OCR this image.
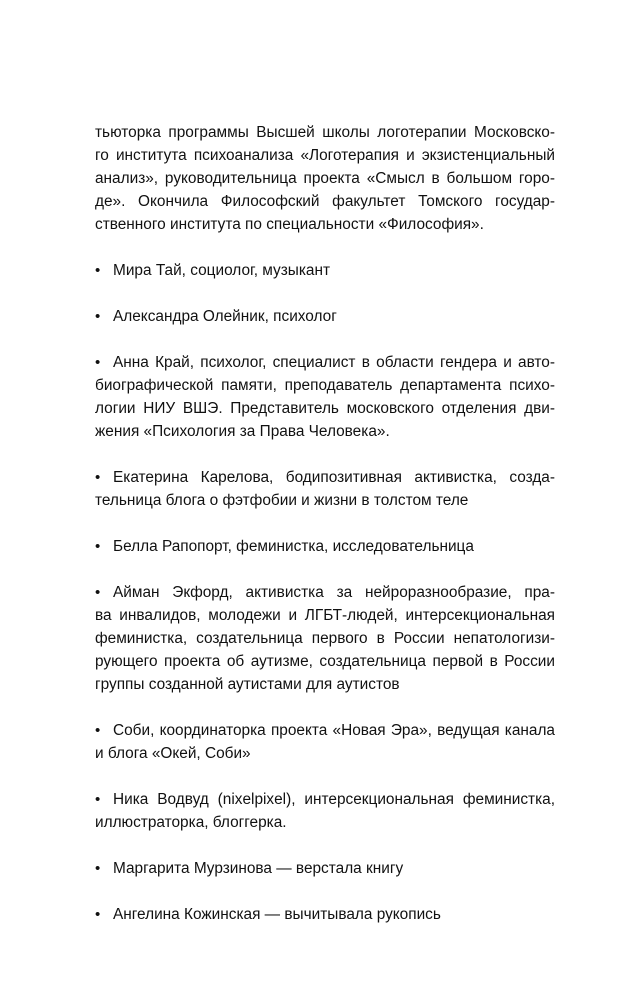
тьюторка программы Высшей школы логотерапии Московско-
го института психоанализа «Логотерапия и экзистенциальный
анализ», руководительница проекта «Смысл в большом горо-
де». Окончила Философский факультет Томского государ-
ственного института по специальности «Философия».

• Мира Тай, социолог, музыкант
• Александра Олейник, психолог
• Анна Край, психолог, специалист в области гендера и авто-
биографической памяти, преподаватель департамента психо-
логии НИУ ВШЭ. Представитель московского отделения дви-
жения «Психология за Права Человека».
• Екатерина Карелова, бодипозитивная активистка, созда-
тельница блога о фэтфобии и жизни в толстом теле
• Белла Рапопорт, феминистка, исследовательница
• Айман Экфорд, активистка за нейроразнообразие, пра-
ва инвалидов, молодежи и ЛГБТ-людей, интерсекциональная
феминистка, создательница первого в России непатологизи-
рующего проекта об аутизме, создательница первой в России
группы созданной аутистами для аутистов
• Соби, координаторка проекта «Новая Эра», ведущая канала
и блога «Окей, Соби»
• Ника Водвуд (nixelpixel), интерсекциональная феминистка,
иллюстраторка, блоггерка.
• Маргарита Мурзинова — верстала книгу
• Ангелина Кожинская — вычитывала рукопись
